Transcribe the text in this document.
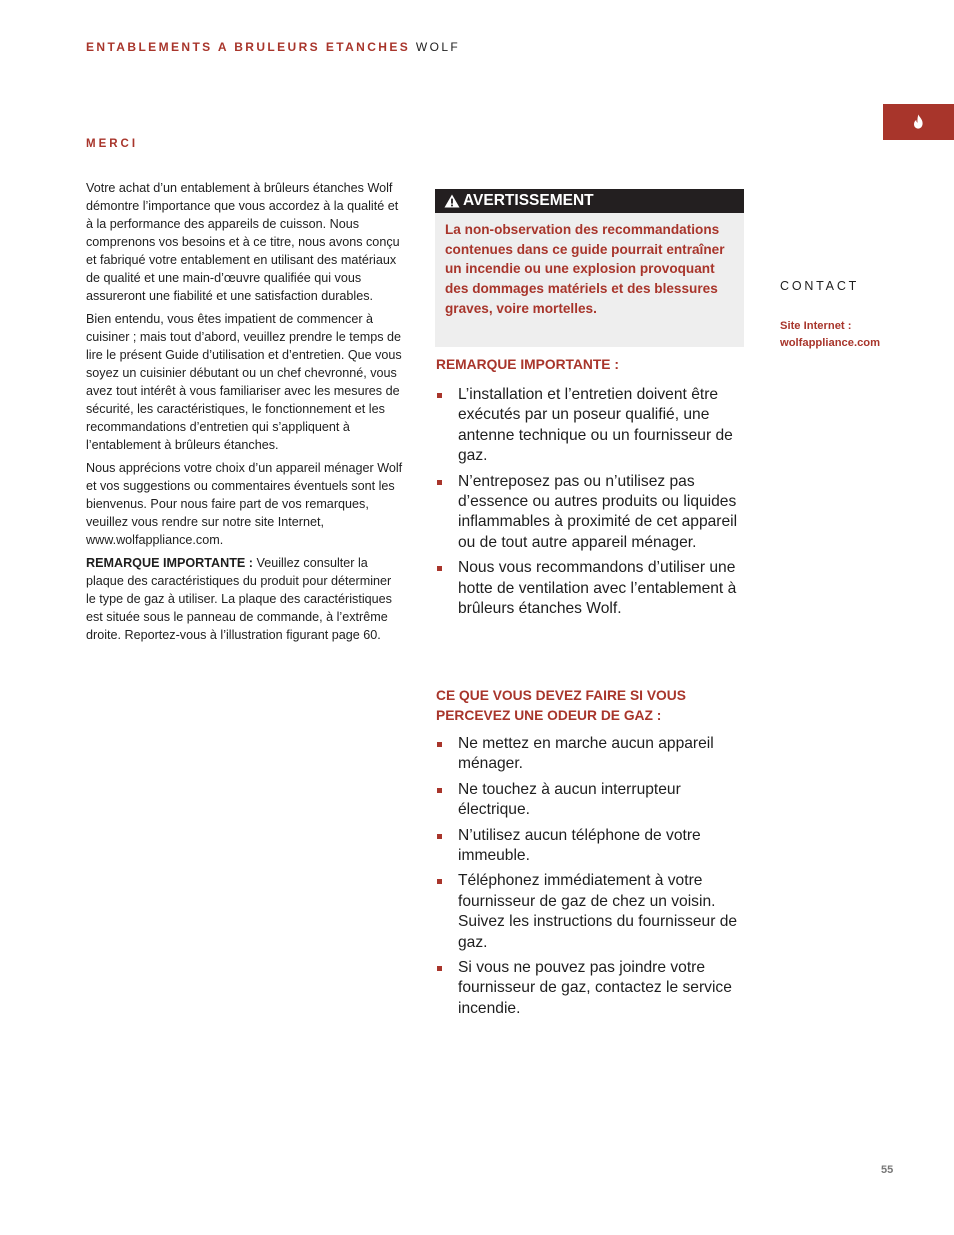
ENTABLEMENTS A BRULEURS ETANCHES WOLF
MERCI

Votre achat d’un entablement à brûleurs étanches Wolf démontre l’importance que vous accordez à la qualité et à la performance des appareils de cuisson. Nous comprenons vos besoins et à ce titre, nous avons conçu et fabriqué votre entablement en utilisant des matériaux de qualité et une main-d’œuvre qualifiée qui vous assureront une fiabilité et une satisfaction durables.

Bien entendu, vous êtes impatient de commencer à cuisiner ; mais tout d’abord, veuillez prendre le temps de lire le présent Guide d’utilisation et d’entretien. Que vous soyez un cuisinier débutant ou un chef chevronné, vous avez tout intérêt à vous familiariser avec les mesures de sécurité, les caractéristiques, le fonctionnement et les recommandations d’entretien qui s’appliquent à l’entablement à brûleurs étanches.

Nous apprécions votre choix d’un appareil ménager Wolf et vos suggestions ou commentaires éventuels sont les bienvenus. Pour nous faire part de vos remarques, veuillez vous rendre sur notre site Internet, www.wolfappliance.com.

REMARQUE IMPORTANTE : Veuillez consulter la plaque des caractéristiques du produit pour déterminer le type de gaz à utiliser. La plaque des caractéristiques est située sous le panneau de commande, à l’extrême droite. Reportez-vous à l’illustration figurant page 60.

AVERTISSEMENT
La non-observation des recommandations contenues dans ce guide pourrait entraîner un incendie ou une explosion provoquant des dommages matériels et des blessures graves, voire mortelles.
REMARQUE IMPORTANTE :
L’installation et l’entretien doivent être exécutés par un poseur qualifié, une antenne technique ou un fournisseur de gaz.
N’entreposez pas ou n’utilisez pas d’essence ou autres produits ou liquides inflammables à proximité de cet appareil ou de tout autre appareil ménager.
Nous vous recommandons d’utiliser une hotte de ventilation avec l’entablement à brûleurs étanches Wolf.
CE QUE VOUS DEVEZ FAIRE SI VOUS
PERCEVEZ UNE ODEUR DE GAZ :
Ne mettez en marche aucun appareil ménager.
Ne touchez à aucun interrupteur électrique.
N’utilisez aucun téléphone de votre immeuble.
Téléphonez immédiatement à votre fournisseur de gaz de chez un voisin. Suivez les instructions du fournisseur de gaz.
Si vous ne pouvez pas joindre votre fournisseur de gaz, contactez le service incendie.
CONTACT
Site Internet :
wolfappliance.com
55
